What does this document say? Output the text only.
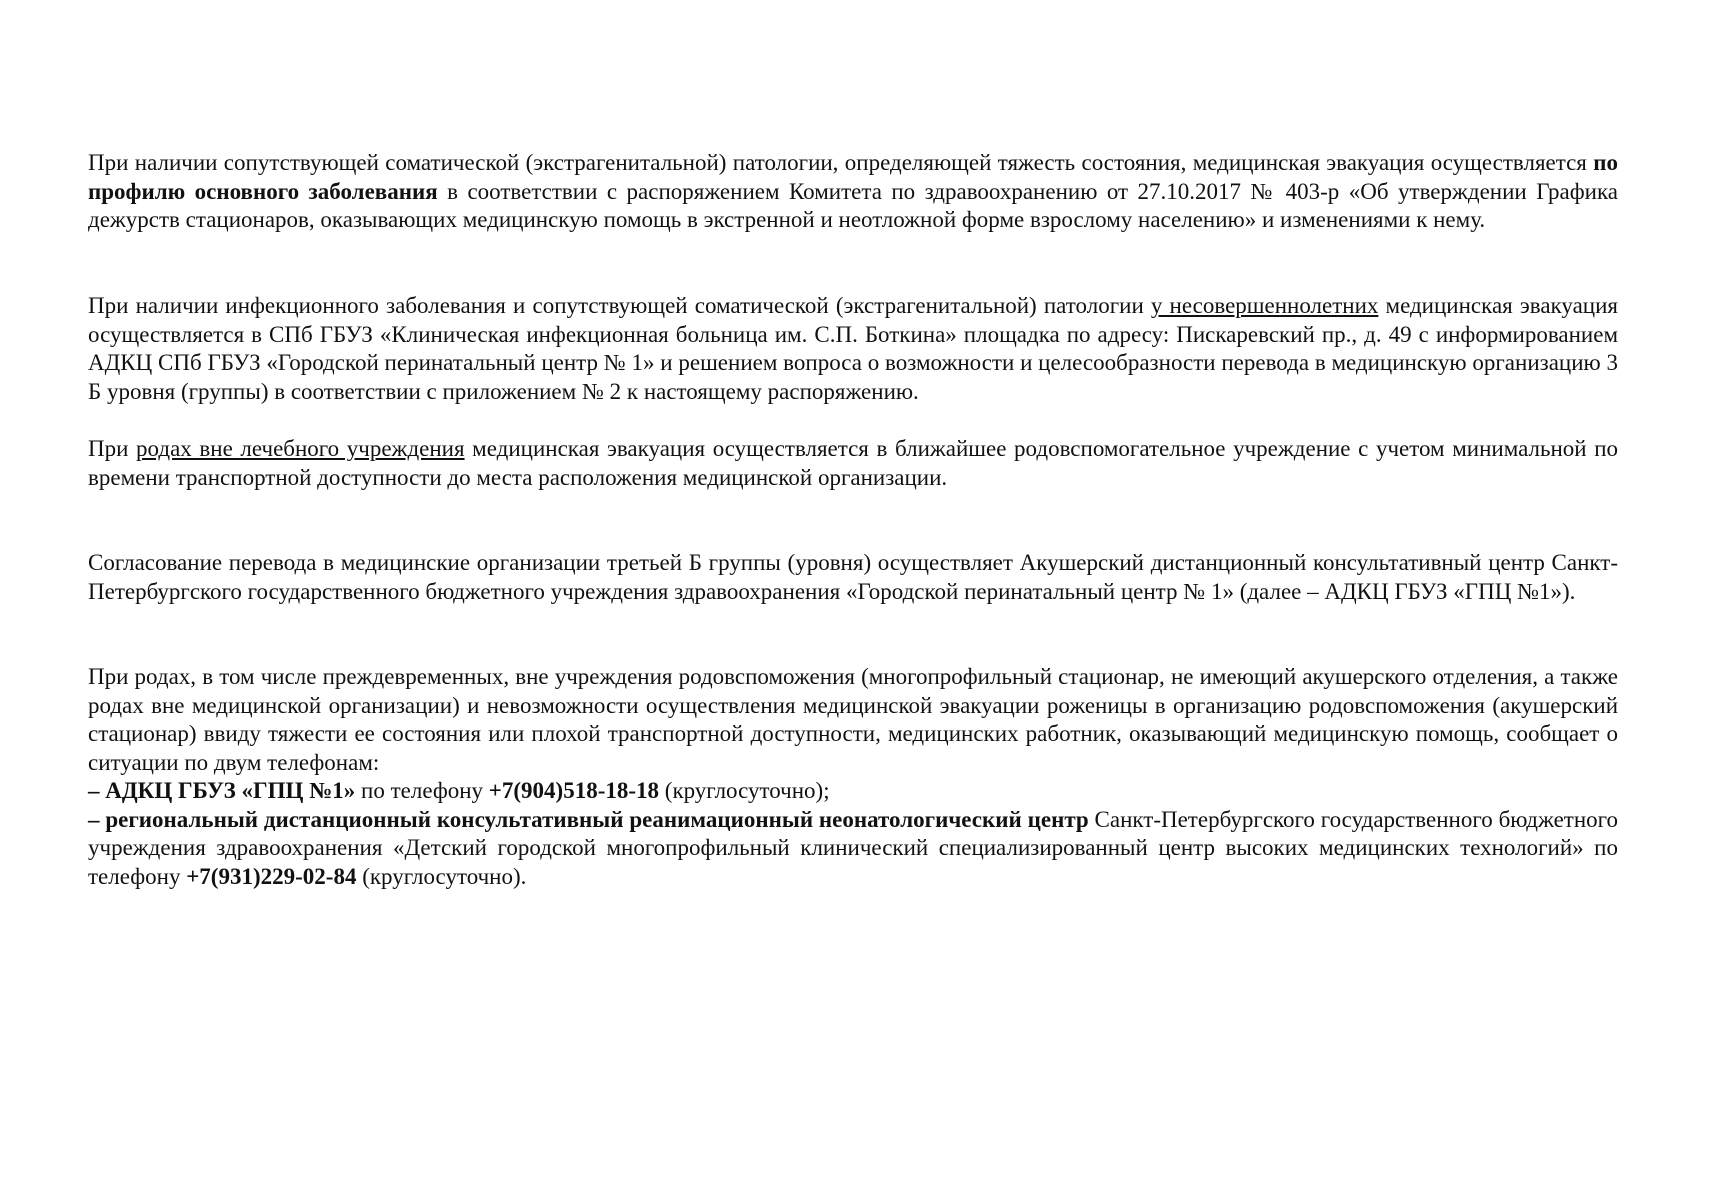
При наличии сопутствующей соматической (экстрагенитальной) патологии, определяющей тяжесть состояния, медицинская эвакуация осуществляется по профилю основного заболевания в соответствии с распоряжением Комитета по здравоохранению от 27.10.2017 № 403-р «Об утверждении Графика дежурств стационаров, оказывающих медицинскую помощь в экстренной и неотложной форме взрослому населению» и изменениями к нему.

При наличии инфекционного заболевания и сопутствующей соматической (экстрагенитальной) патологии у несовершеннолетних медицинская эвакуация осуществляется в СПб ГБУЗ «Клиническая инфекционная больница им. С.П. Боткина» площадка по адресу: Пискаревский пр., д. 49 с информированием АДКЦ СПб ГБУЗ «Городской перинатальный центр № 1» и решением вопроса о возможности и целесообразности перевода в медицинскую организацию 3 Б уровня (группы) в соответствии с приложением № 2 к настоящему распоряжению.

При родах вне лечебного учреждения медицинская эвакуация осуществляется в ближайшее родовспомогательное учреждение с учетом минимальной по времени транспортной доступности до места расположения медицинской организации.

Согласование перевода в медицинские организации третьей Б группы (уровня) осуществляет Акушерский дистанционный консультативный центр Санкт-Петербургского государственного бюджетного учреждения здравоохранения «Городской перинатальный центр № 1» (далее – АДКЦ ГБУЗ «ГПЦ №1»).

При родах, в том числе преждевременных, вне учреждения родовспоможения (многопрофильный стационар, не имеющий акушерского отделения, а также родах вне медицинской организации) и невозможности осуществления медицинской эвакуации роженицы в организацию родовспоможения (акушерский стационар) ввиду тяжести ее состояния или плохой транспортной доступности, медицинских работник, оказывающий медицинскую помощь, сообщает о ситуации по двум телефонам:

– АДКЦ ГБУЗ «ГПЦ №1» по телефону +7(904)518-18-18 (круглосуточно);

– региональный дистанционный консультативный реанимационный неонатологический центр Санкт-Петербургского государственного бюджетного учреждения здравоохранения «Детский городской многопрофильный клинический специализированный центр высоких медицинских технологий» по телефону +7(931)229-02-84 (круглосуточно).
